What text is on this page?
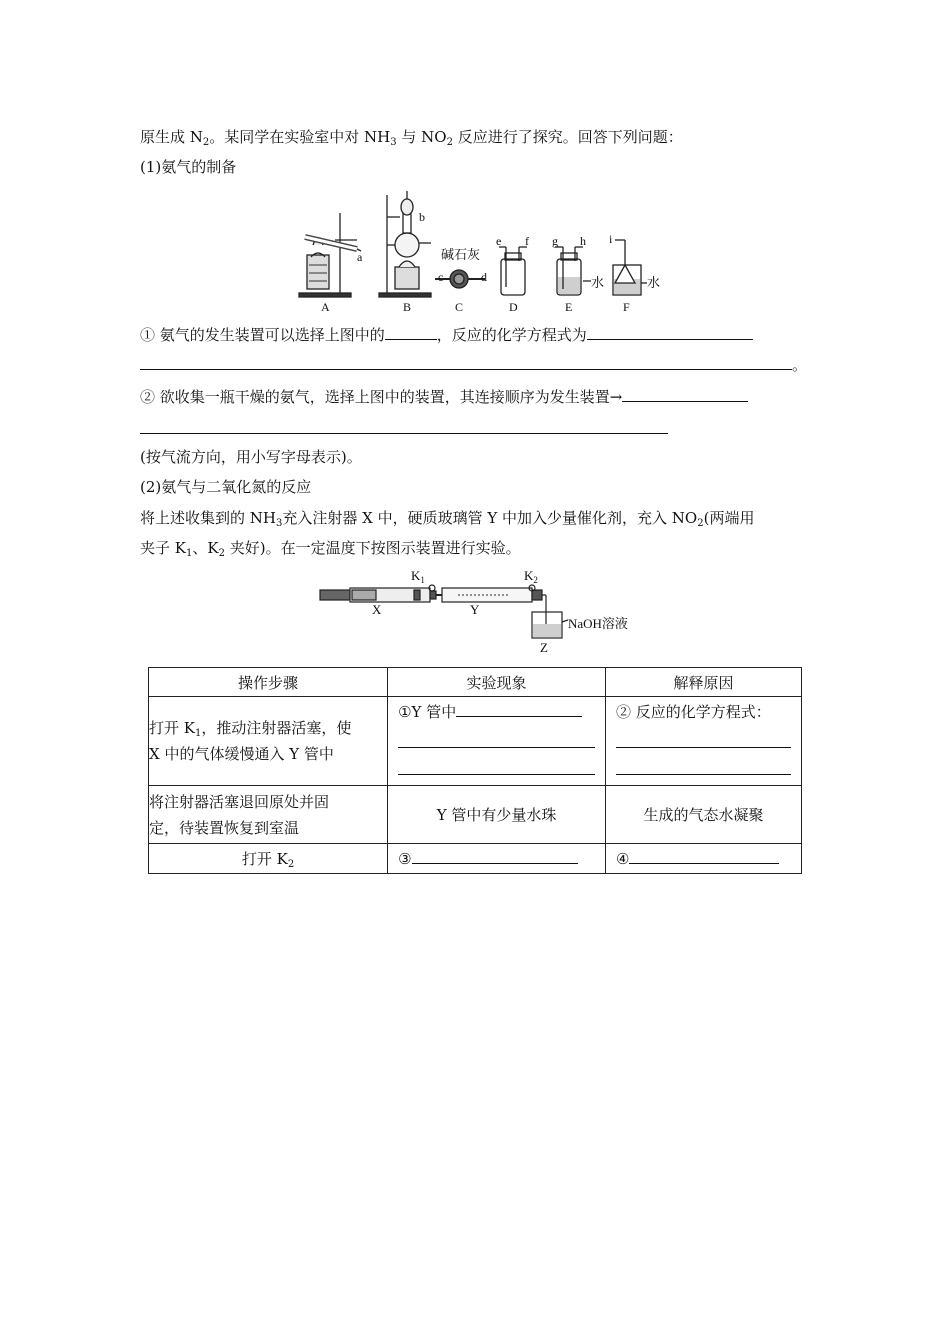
原生成 $N_2$。某同学在实验室中对 $NH_3$ 与 $NO_2$ 反应进行了探究。回答下列问题：
(1)氨气的制备
A	B	C	D	E	F
a
b
c	d
e f g h i
碱石灰
水	水
① 氨气的发生装置可以选择上图中的	，反应的化学方程式为
。
② 欲收集一瓶干燥的氨气，选择上图中的装置，其连接顺序为发生装置→
(按气流方向，用小写字母表示)。
(2)氨气与二氧化氮的反应
将上述收集到的 $NH_3$充入注射器 X 中，硬质玻璃管 Y 中加入少量催化剂，充入 $NO_2$(两端用
夹子 $K_1$、$K_2$ 夹好)。在一定温度下按图示装置进行实验。
$K_1$	$K_2$
X	Y
Z
NaOH溶液
操作步骤	实验现象	解释原因
打开 $K_1$，推动注射器活塞，使
X 中的气体缓慢通入 Y 管中	①Y 管中	② 反应的化学方程式：

将注射器活塞退回原处并固
定，待装置恢复到室温	Y 管中有少量水珠	生成的气态水凝聚
打开 $K_2$	③	④
